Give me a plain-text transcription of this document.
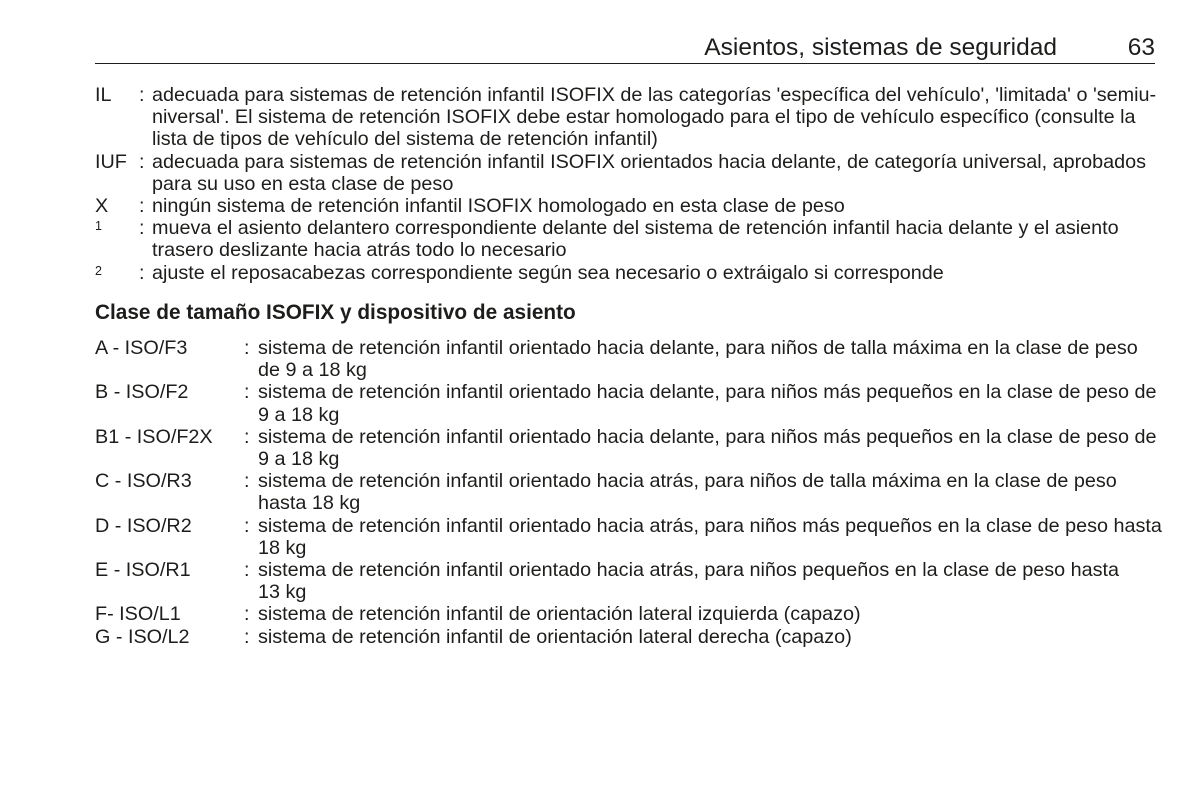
Asientos, sistemas de seguridad	63
IL	: adecuada para sistemas de retención infantil ISOFIX de las categorías 'específica del vehículo', 'limitada' o 'semiu-
niversal'. El sistema de retención ISOFIX debe estar homologado para el tipo de vehículo específico (consulte la
lista de tipos de vehículo del sistema de retención infantil)
IUF : adecuada para sistemas de retención infantil ISOFIX orientados hacia delante, de categoría universal, aprobados
para su uso en esta clase de peso
X	: ningún sistema de retención infantil ISOFIX homologado en esta clase de peso
1	: mueva el asiento delantero correspondiente delante del sistema de retención infantil hacia delante y el asiento
trasero deslizante hacia atrás todo lo necesario
2	: ajuste el reposacabezas correspondiente según sea necesario o extráigalo si corresponde
Clase de tamaño ISOFIX y dispositivo de asiento
A - ISO/F3	: sistema de retención infantil orientado hacia delante, para niños de talla máxima en la clase de peso
de 9 a 18 kg
B - ISO/F2	: sistema de retención infantil orientado hacia delante, para niños más pequeños en la clase de peso de
9 a 18 kg
B1 - ISO/F2X	: sistema de retención infantil orientado hacia delante, para niños más pequeños en la clase de peso de
9 a 18 kg
C - ISO/R3	: sistema de retención infantil orientado hacia atrás, para niños de talla máxima en la clase de peso
hasta 18 kg
D - ISO/R2	: sistema de retención infantil orientado hacia atrás, para niños más pequeños en la clase de peso hasta
18 kg
E - ISO/R1	: sistema de retención infantil orientado hacia atrás, para niños pequeños en la clase de peso hasta
13 kg
F- ISO/L1	: sistema de retención infantil de orientación lateral izquierda (capazo)
G - ISO/L2	: sistema de retención infantil de orientación lateral derecha (capazo)
